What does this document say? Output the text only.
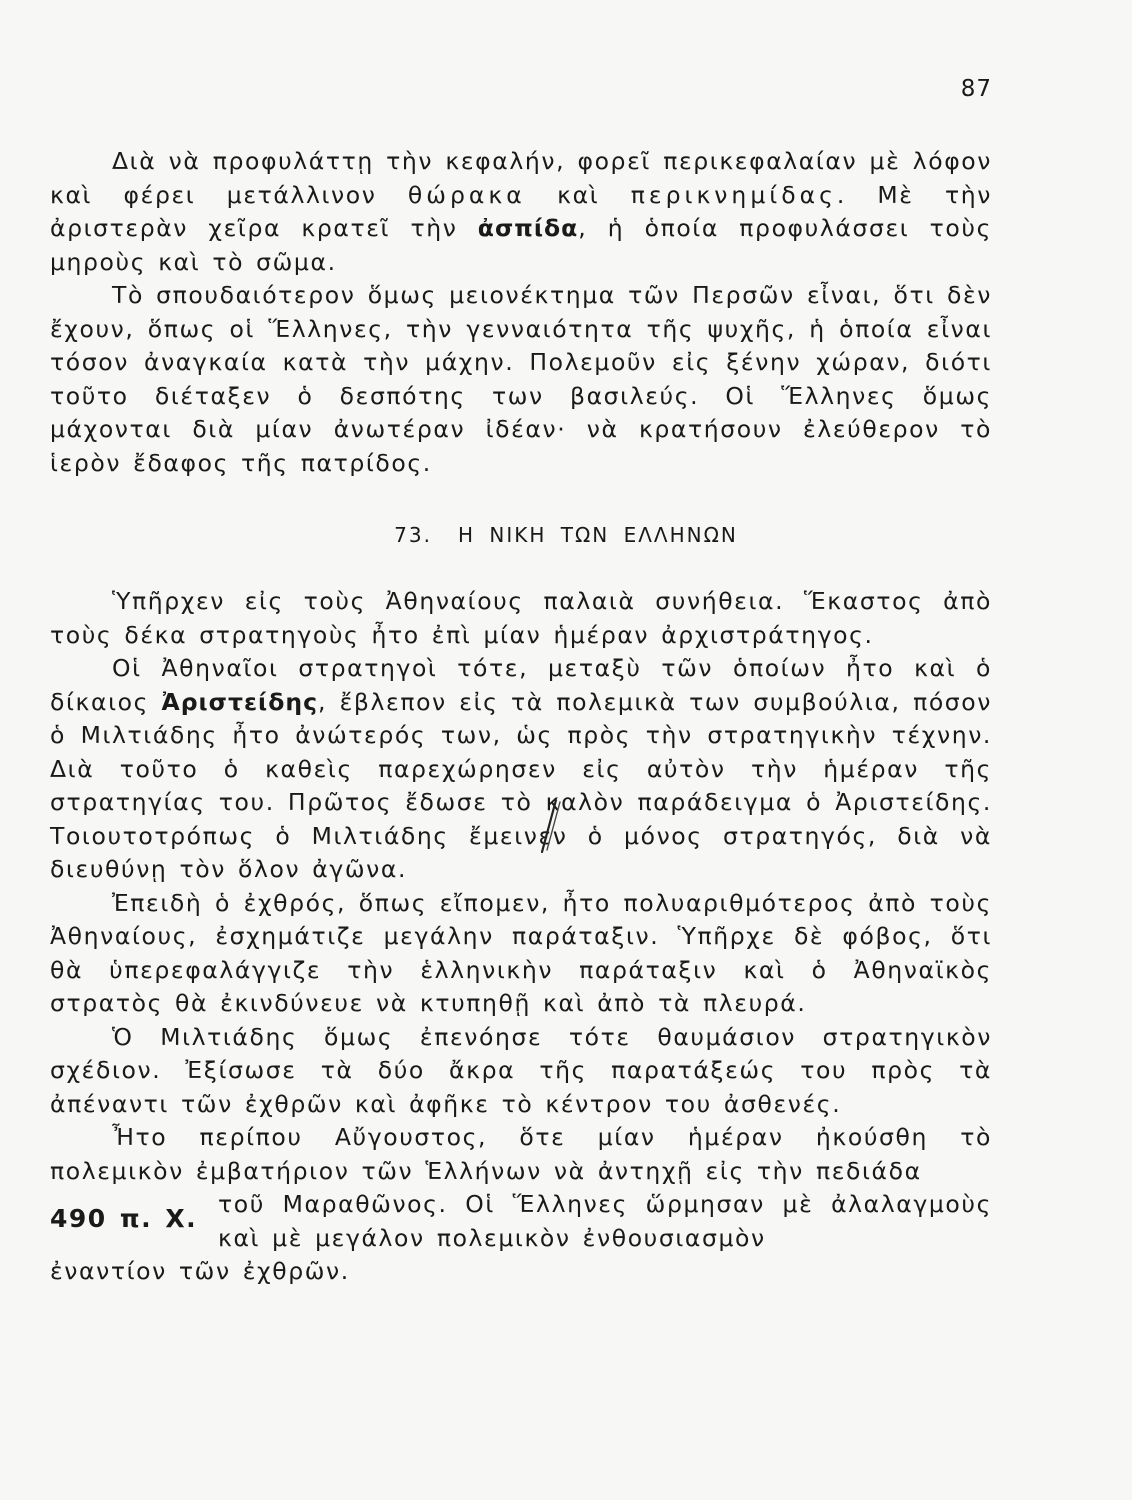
87

Διὰ νὰ προφυλάττῃ τὴν κεφαλήν, φορεῖ περικεφαλαίαν μὲ λόφον καὶ φέρει μετάλλινον θώρακα καὶ περικνημίδας. Μὲ τὴν ἀριστερὰν χεῖρα κρατεῖ τὴν ἀσπίδα, ἡ ὁποία προφυλάσσει τοὺς μηροὺς καὶ τὸ σῶμα.

Τὸ σπουδαιότερον ὅμως μειονέκτημα τῶν Περσῶν εἶναι, ὅτι δὲν ἔχουν, ὅπως οἱ Ἕλληνες, τὴν γενναιότητα τῆς ψυχῆς, ἡ ὁποία εἶναι τόσον ἀναγκαία κατὰ τὴν μάχην. Πολεμοῦν εἰς ξένην χώραν, διότι τοῦτο διέταξεν ὁ δεσπότης των βασιλεύς. Οἱ Ἕλληνες ὅμως μάχονται διὰ μίαν ἀνωτέραν ἰδέαν· νὰ κρατήσουν ἐλεύθερον τὸ ἱερὸν ἔδαφος τῆς πατρίδος.

73. Η ΝΙΚΗ ΤΩΝ ΕΛΛΗΝΩΝ

Ὑπῆρχεν εἰς τοὺς Ἀθηναίους παλαιὰ συνήθεια. Ἕκαστος ἀπὸ τοὺς δέκα στρατηγοὺς ἦτο ἐπὶ μίαν ἡμέραν ἀρχιστράτηγος.

Οἱ Ἀθηναῖοι στρατηγοὶ τότε, μεταξὺ τῶν ὁποίων ἦτο καὶ ὁ δίκαιος Ἀριστείδης, ἔβλεπον εἰς τὰ πολεμικὰ των συμβούλια, πόσον ὁ Μιλτιάδης ἦτο ἀνώτερός των, ὡς πρὸς τὴν στρατηγικὴν τέχνην. Διὰ τοῦτο ὁ καθεὶς παρεχώρησεν εἰς αὐτὸν τὴν ἡμέραν τῆς στρατηγίας του. Πρῶτος ἔδωσε τὸ καλὸν παράδειγμα ὁ Ἀριστείδης. Τοιουτοτρόπως ὁ Μιλτιάδης ἔμεινεν ὁ μόνος στρατηγός, διὰ νὰ διευθύνῃ τὸν ὅλον ἀγῶνα.

Ἐπειδὴ ὁ ἐχθρός, ὅπως εἴπομεν, ἦτο πολυαριθμότερος ἀπὸ τοὺς Ἀθηναίους, ἐσχημάτιζε μεγάλην παράταξιν. Ὑπῆρχε δὲ φόβος, ὅτι θὰ ὑπερεφαλάγγιζε τὴν ἑλληνικὴν παράταξιν καὶ ὁ Ἀθηναϊκὸς στρατὸς θὰ ἐκινδύνευε νὰ κτυπηθῇ καὶ ἀπὸ τὰ πλευρά.

Ὁ Μιλτιάδης ὅμως ἐπενόησε τότε θαυμάσιον στρατηγικὸν σχέδιον. Ἐξίσωσε τὰ δύο ἄκρα τῆς παρατάξεώς του πρὸς τὰ ἀπέναντι τῶν ἐχθρῶν καὶ ἀφῆκε τὸ κέντρον του ἀσθενές.

Ἦτο περίπου Αὔγουστος, ὅτε μίαν ἡμέραν ἠκούσθη τὸ πολεμικὸν ἐμβατήριον τῶν Ἑλλήνων νὰ ἀντηχῇ εἰς τὴν πεδιάδα

490 π. Χ. τοῦ Μαραθῶνος. Οἱ Ἕλληνες ὥρμησαν μὲ ἀλαλαγμοὺς καὶ μὲ μεγάλον πολεμικὸν ἐνθουσιασμὸν

ἐναντίον τῶν ἐχθρῶν.
